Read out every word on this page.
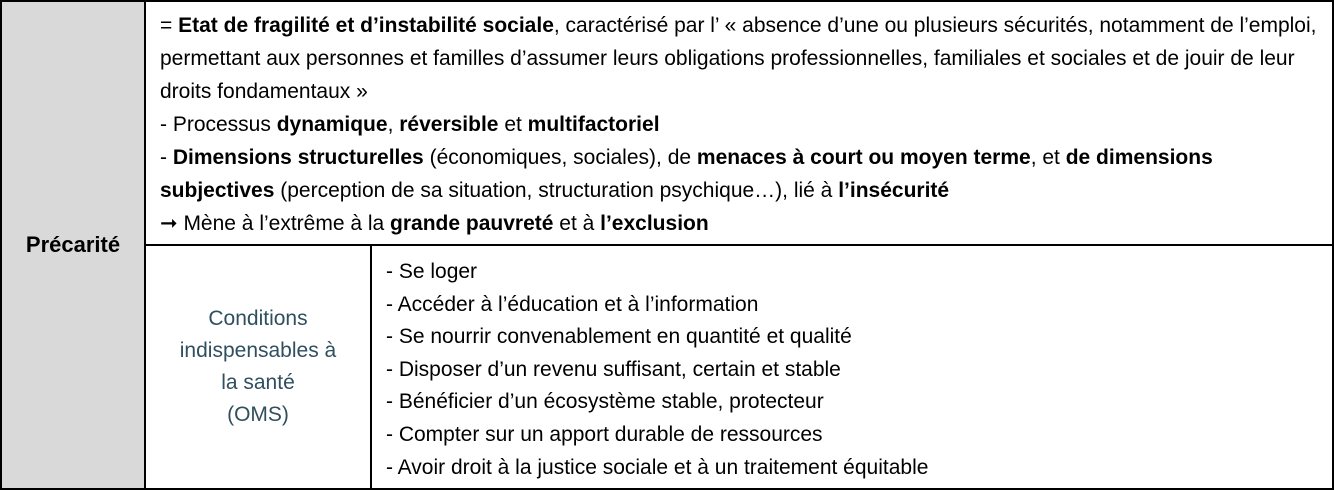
Précarité

= Etat de fragilité et d’instabilité sociale, caractérisé par l’ « absence d’une ou plusieurs sécurités, notamment de l’emploi, permettant aux personnes et familles d’assumer leurs obligations professionnelles, familiales et sociales et de jouir de leur droits fondamentaux »

- Processus dynamique, réversible et multifactoriel

- Dimensions structurelles (économiques, sociales), de menaces à court ou moyen terme, et de dimensions subjectives (perception de sa situation, structuration psychique…), lié à l’insécurité

➞ Mène à l’extrême à la grande pauvreté et à l’exclusion

Conditions
indispensables à
la santé
(OMS)
- Se loger
- Accéder à l’éducation et à l’information
- Se nourrir convenablement en quantité et qualité
- Disposer d’un revenu suffisant, certain et stable
- Bénéficier d’un écosystème stable, protecteur
- Compter sur un apport durable de ressources
- Avoir droit à la justice sociale et à un traitement équitable
